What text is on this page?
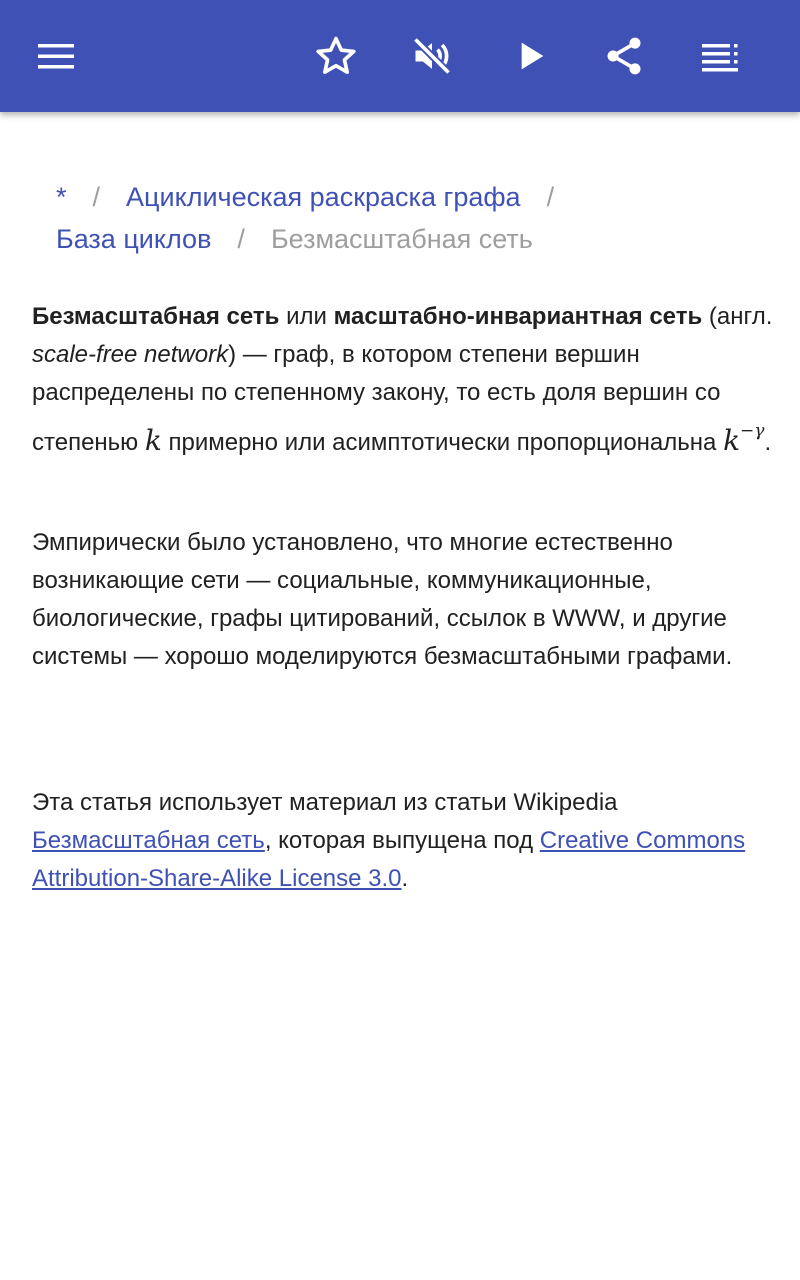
* / Ациклическая раскраска графа /
База циклов / Безмасштабная сеть

Безмасштабная сеть или масштабно-инвариантная сеть (англ. scale-free network) — граф, в котором степени вершин распределены по степенному закону, то есть доля вершин со степенью k примерно или асимптотически пропорциональна $k^{-\gamma}$.

Эмпирически было установлено, что многие естественно возникающие сети — социальные, коммуникационные, биологические, графы цитирований, ссылок в WWW, и другие системы — хорошо моделируются безмасштабными графами.

Эта статья использует материал из статьи Wikipedia Безмасштабная сеть, которая выпущена под Creative Commons Attribution-Share-Alike License 3.0.
